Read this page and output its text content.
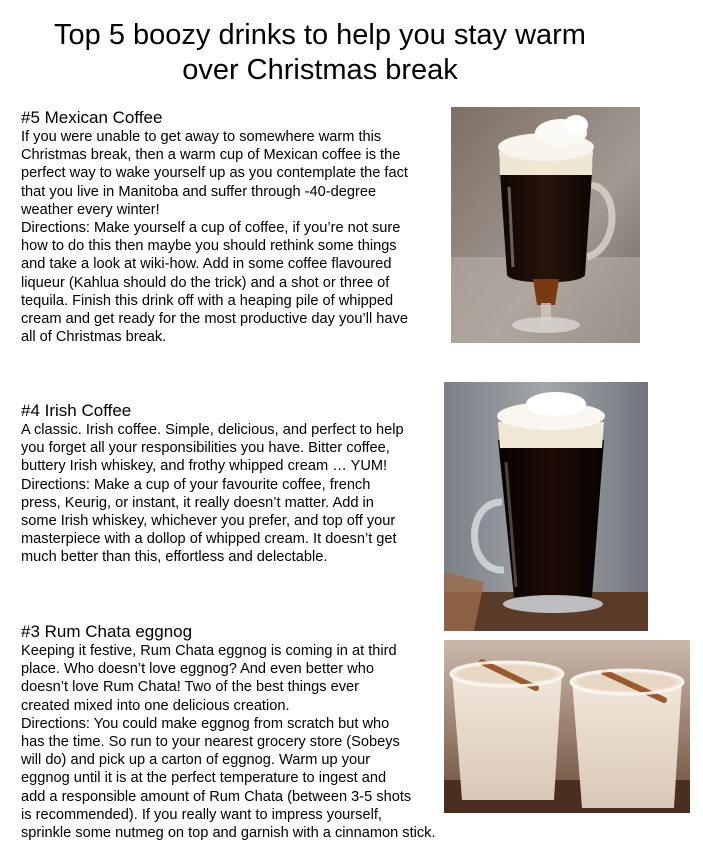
Top 5 boozy drinks to help you stay warm
over Christmas break
#5 Mexican Coffee

If you were unable to get away to somewhere warm this

Christmas break, then a warm cup of Mexican coffee is the

perfect way to wake yourself up as you contemplate the fact

that you live in Manitoba and suffer through -40-degree

weather every winter!

Directions: Make yourself a cup of coffee, if you’re not sure

how to do this then maybe you should rethink some things

and take a look at wiki-how. Add in some coffee flavoured

liqueur (Kahlua should do the trick) and a shot or three of

tequila. Finish this drink off with a heaping pile of whipped

cream and get ready for the most productive day you’ll have

all of Christmas break.

#4 Irish Coffee

A classic. Irish coffee. Simple, delicious, and perfect to help

you forget all your responsibilities you have. Bitter coffee,

buttery Irish whiskey, and frothy whipped cream … YUM!

Directions: Make a cup of your favourite coffee, french

press, Keurig, or instant, it really doesn’t matter. Add in

some Irish whiskey, whichever you prefer, and top off your

masterpiece with a dollop of whipped cream. It doesn’t get

much better than this, effortless and delectable.

#3 Rum Chata eggnog

Keeping it festive, Rum Chata eggnog is coming in at third

place. Who doesn’t love eggnog? And even better who

doesn’t love Rum Chata! Two of the best things ever

created mixed into one delicious creation.

Directions: You could make eggnog from scratch but who

has the time. So run to your nearest grocery store (Sobeys

will do) and pick up a carton of eggnog. Warm up your

eggnog until it is at the perfect temperature to ingest and

add a responsible amount of Rum Chata (between 3-5 shots

is recommended). If you really want to impress yourself,

sprinkle some nutmeg on top and garnish with a cinnamon stick.
